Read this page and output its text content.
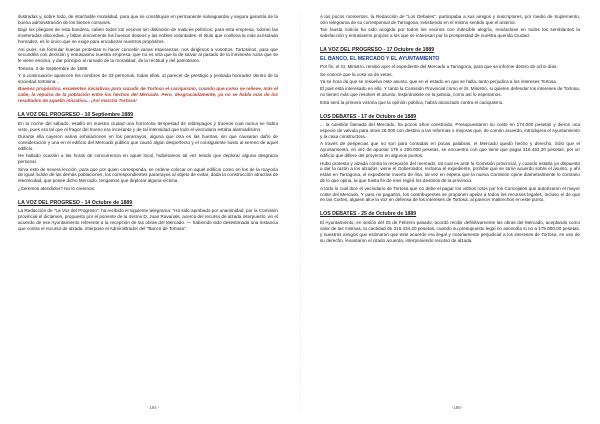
ilustradas y, sobre todo, de intachable moralidad, para que se constituyan en permanente salvaguardia y segura garantía de la buena administración de los bienes comunes.

Bajo los pliegues de esta bandera, caben todos los vecinos sin distinción de matices políticos; para esta empresa, sobran las inveteradas discordias, y faltan únicamente los buenos deseos y las nobles voluntades: el titulo que conlleva la más acrisolada honradez, es lo único que se exige para encabezar nuestros propósitos.

Así pues, sin formular huecas protestas ni hacer concebir vanas esperanzas, nos dirigimos a vosotros, Tortosinos, para que secundéis con decisión y entusiasmo nuestra empresa, que no es otra que la de salvar al pasado de la inminente ruina que se le viene encima, y dar principio al ramado de la moralidad, de la rectitud y del patriotismo.

Tortosa, 3 de Septiembre de 1889.

Y a continuación aparecen los nombres de 33 personas, todas ellas, al parecer de prestigio y probada honradez dentro de la sociedad tortosina...

Buenos propósitos, excelentes iniciativas para sacudir de Tortosa el caciquismo, cuando que como se relieve, más el cabe, la repulsa de la población entre los hechos del Mercado. Pero, desgraciadamente, ya no se habla más de los resultados de aquella iniciativa... ¡Así marcha Tortosa!

LA VOZ DEL PROGRESO - 10 Septiembre 1889

En la noche del sábado, estalló en nuestra ciudad una horrorosa tempestad de relámpagos y truenos cual nunca se había visto, pues era tal que el fragor del trueno era incesante y de tal intensidad que todo el vecindario estaba alarmadísimo.

Durante ella cayeron varias exhalaciones en los pararrayos, alguna que otra en las huertas, sin que causaran daño de consideración y una en el edificio del Mercado público que causó algún desperfecto y el consiguiente susto al sereno de aquel edificio.

He hallado ocasión a las horas de concurrencia en aquel local, hubiéramos tal vez tenido que deplorar alguna desgracia personal.

Sirva esto de severa lección, para que por quien corresponda, se ordene colocar en aquel edificio como en los de la mayoría de igual índole de las demás poblaciones, los correspondientes pararrayos al objeto de evitar, dada la construcción atractiva de electricidad, que posee dicho Mercado, tengamos que deplorar alguna víctima.

¿Seremos atendidos? No lo creemos.

LA VOZ DEL PROGRESO - 14 Octubre de 1889

La Redacción de "La Voz del Progreso", ha recibido el siguiente telegrama: "Ha sido aprobado por unanimidad, por la Comisión provincial el dictamen, propuesto por el ponente de la misma D. Juan Ravanals, acerca del recurso de alzada interpuesto, en el acuerdo de ese Ayuntamiento referente a la recepción de las obras del Mercado. — habiendo sido desestimada una instancia que contra el recurso de alzada, interpuso el Administrador del "Banco de Tortosa".

A los pocos momentos, la Redacción de "Los Debates", participaba a sus amigos y suscriptores, por medio de Suplemento, otro telegrama de su corresponsal de Tarragona, insistiendo en el mismo sentido que el anterior.

Tan fausta noticia ha sido acogida por todos los vecinos con indecible alegría, reinándose en todos los semblantes la satisfacción y entusiasmo propios a los que se interesan por la prosperidad de nuestra querida Ciudad.

LA VOZ DEL PROGRESO - 17 Octubre de 1889
EL BANCO, EL MERCADO Y EL AYUNTAMIENTO

Por fin, el Sr. Ministro, remitió ayer el expediente del Mercado a Tarragona, para que se informe dentro de ocho días.

Se conoce que la cosa va de veras.

Ya se hora de que se resuelva este asunto, que en el estado en que se halla, tanto perjudica a los intereses Tortosa.

El pais está interesado en ello. Y tanto la Comisión Provincial como el Sr. Ministro, si quieren defender los intereses de Tortosa, no tienen más que resolver el asunto, inspirándose en la justicia, como así lo esperamos.

Esta será la primera victoria que la opinión pública, habrá alcanzado contra el caciquismo.

LOS DEBATES - 17 de Octubre de 1889

... la cuestión llamada del Mercado, ha pocos años construido. Presupuestaron su coste en 174.000 pesetas y dieron una especie de valvula para otras 25.000 con destino a las reformas o mejoras que, de común acuerdo, introdujera el Ayuntamiento y la casa constructora.

A través de peripecias que no son para contadas en pocas palabras, el Mercado quedó hecho y derecho. Sólo que el Ayuntamiento, en vez de apuntar 175 o 200.000 pesetas, se encuentra con que tiene que pagar 316.483,20 pesetas, por un edificio que difiere del proyecto en algunos puntos.

Hubo protesta y alzada contra la recepción del mercado, tal cual es ante la Comisión provincial, y cuando estaba ya dispuesta a dar la razón a los alzados, viene el Gobernador, reclama el expediente, prohíbe que se tome acuerdo sobre el asunto, y ahí están en Tarragona, el expediente muerto de risa, tal vez en espera que la nueva Comisión opine diametralmente lo contrario de lo que opina, la que hasta fin de mes regirá los destinos de la provincia.

A todo lo cual dice el vecindario de Tortosa que no debe el pagar los vidrios rotos por los Concejales que autorizaron el mayor coste del Mercado. Y para no pagarlos, los contribuyentes se proponen apelar a todos los recursos legales, incluso el de que en las Cortes, alguien alce la voz en defensa de los intereses de Tortosa, al parecer maltrechos en este punto.

LOS DEBATES - 25 de Octubre de 1889

El Ayuntamiento, en sesión del 25 de Febrero pasado, acordó recibir definitivamente las obras del Mercado, aceptando como valor de las mismas, la cantidad de 316.434,20 pesetas, cuando su presupuesto legal no ascendía si no a 175.000,00 pesetas, y nuestros amigos que estimaron que este acuerdo era ilegal y notoriamente perjudicial a los intereses de Tortosa, en uso de su derecho, levantaron el citado acuerdo, interponiendo recurso de alzada.

- 194 -	-195-
